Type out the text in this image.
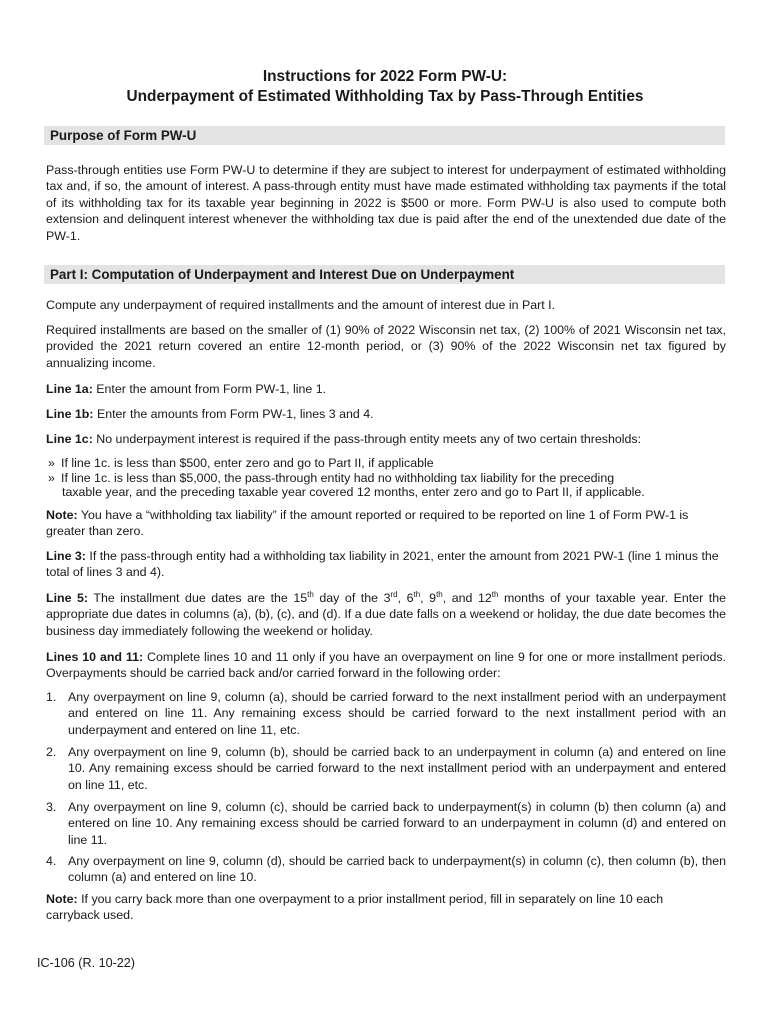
Instructions for 2022 Form PW-U:
Underpayment of Estimated Withholding Tax by Pass-Through Entities
Purpose of Form PW-U
Pass-through entities use Form PW-U to determine if they are subject to interest for underpayment of estimated withholding tax and, if so, the amount of interest. A pass-through entity must have made estimated withholding tax payments if the total of its withholding tax for its taxable year beginning in 2022 is $500 or more. Form PW-U is also used to compute both extension and delinquent interest whenever the withholding tax due is paid after the end of the unextended due date of the PW-1.
Part I: Computation of Underpayment and Interest Due on Underpayment
Compute any underpayment of required installments and the amount of interest due in Part I.
Required installments are based on the smaller of (1) 90% of 2022 Wisconsin net tax, (2) 100% of 2021 Wisconsin net tax, provided the 2021 return covered an entire 12-month period, or (3) 90% of the 2022 Wisconsin net tax figured by annualizing income.
Line 1a: Enter the amount from Form PW-1, line 1.
Line 1b: Enter the amounts from Form PW-1, lines 3 and 4.
Line 1c: No underpayment interest is required if the pass-through entity meets any of two certain thresholds:
» If line 1c. is less than $500, enter zero and go to Part II, if applicable
» If line 1c. is less than $5,000, the pass-through entity had no withholding tax liability for the preceding
taxable year, and the preceding taxable year covered 12 months, enter zero and go to Part II, if applicable.
Note: You have a “withholding tax liability” if the amount reported or required to be reported on line 1 of Form PW-1 is greater than zero.
Line 3: If the pass-through entity had a withholding tax liability in 2021, enter the amount from 2021 PW-1 (line 1 minus the total of lines 3 and 4).
Line 5: The installment due dates are the 15th day of the 3rd, 6th, 9th, and 12th months of your taxable year. Enter the appropriate due dates in columns (a), (b), (c), and (d). If a due date falls on a weekend or holiday, the due date becomes the business day immediately following the weekend or holiday.
Lines 10 and 11: Complete lines 10 and 11 only if you have an overpayment on line 9 for one or more installment periods. Overpayments should be carried back and/or carried forward in the following order:
1. Any overpayment on line 9, column (a), should be carried forward to the next installment period with an underpayment and entered on line 11. Any remaining excess should be carried forward to the next installment period with an underpayment and entered on line 11, etc.
2. Any overpayment on line 9, column (b), should be carried back to an underpayment in column (a) and entered on line 10. Any remaining excess should be carried forward to the next installment period with an underpayment and entered on line 11, etc.
3. Any overpayment on line 9, column (c), should be carried back to underpayment(s) in column (b) then column (a) and entered on line 10. Any remaining excess should be carried forward to an underpayment in column (d) and entered on line 11.
4. Any overpayment on line 9, column (d), should be carried back to underpayment(s) in column (c), then column (b), then column (a) and entered on line 10.
Note: If you carry back more than one overpayment to a prior installment period, fill in separately on line 10 each carryback used.
IC-106 (R. 10-22)
